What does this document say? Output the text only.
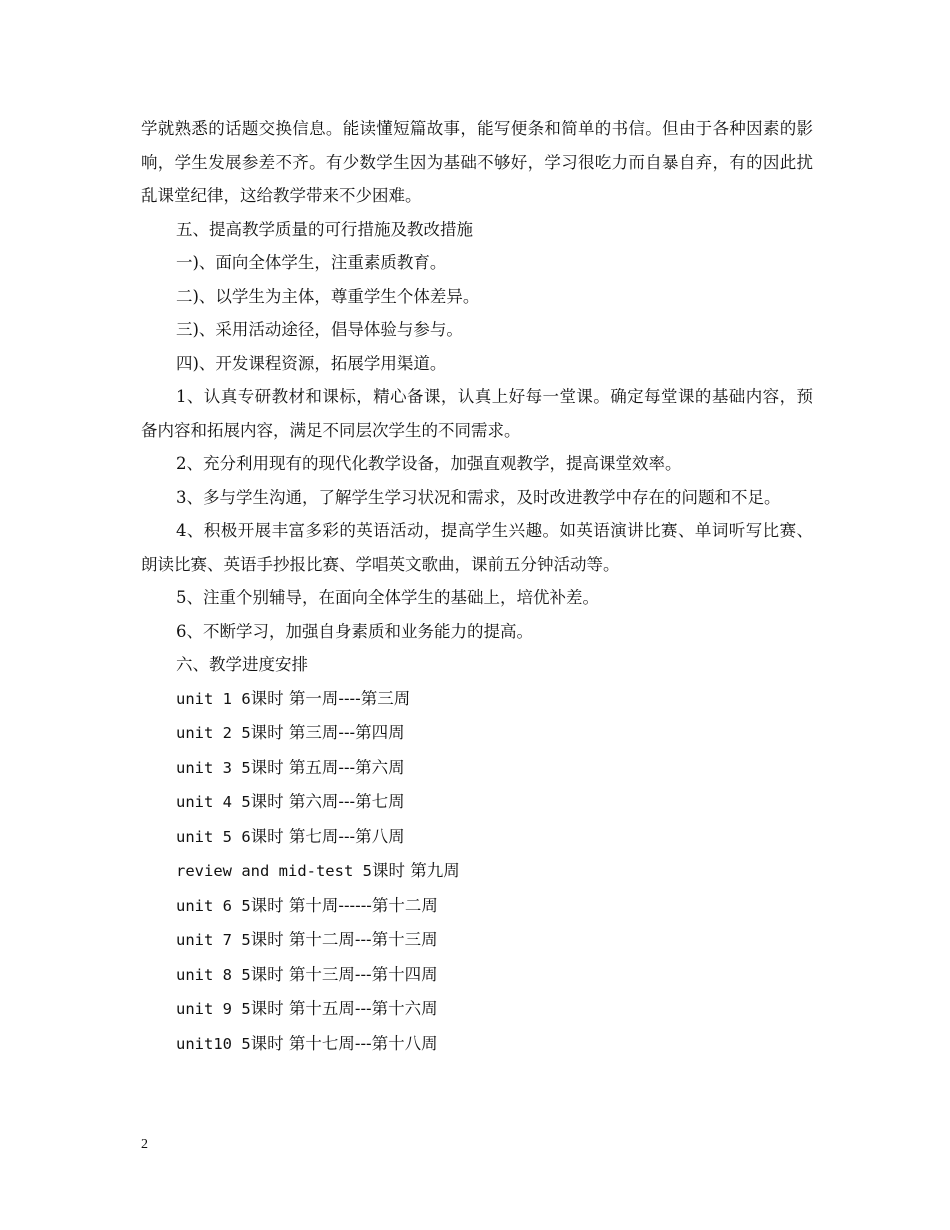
学就熟悉的话题交换信息。能读懂短篇故事，能写便条和简单的书信。但由于各种因素的影响，学生发展参差不齐。有少数学生因为基础不够好，学习很吃力而自暴自弃，有的因此扰乱课堂纪律，这给教学带来不少困难。

五、提高教学质量的可行措施及教改措施

一)、面向全体学生，注重素质教育。

二)、以学生为主体，尊重学生个体差异。

三)、采用活动途径，倡导体验与参与。

四)、开发课程资源，拓展学用渠道。

1、认真专研教材和课标，精心备课，认真上好每一堂课。确定每堂课的基础内容，预备内容和拓展内容，满足不同层次学生的不同需求。

2、充分利用现有的现代化教学设备，加强直观教学，提高课堂效率。

3、多与学生沟通，了解学生学习状况和需求，及时改进教学中存在的问题和不足。

4、积极开展丰富多彩的英语活动，提高学生兴趣。如英语演讲比赛、单词听写比赛、朗读比赛、英语手抄报比赛、学唱英文歌曲，课前五分钟活动等。

5、注重个别辅导，在面向全体学生的基础上，培优补差。

6、不断学习，加强自身素质和业务能力的提高。

六、教学进度安排

unit 1 6课时 第一周----第三周

unit 2 5课时 第三周---第四周

unit 3 5课时 第五周---第六周

unit 4 5课时 第六周---第七周

unit 5 6课时 第七周---第八周

review and mid-test 5课时 第九周

unit 6 5课时 第十周------第十二周

unit 7 5课时 第十二周---第十三周

unit 8 5课时 第十三周---第十四周

unit 9 5课时 第十五周---第十六周

unit10 5课时 第十七周---第十八周

2
